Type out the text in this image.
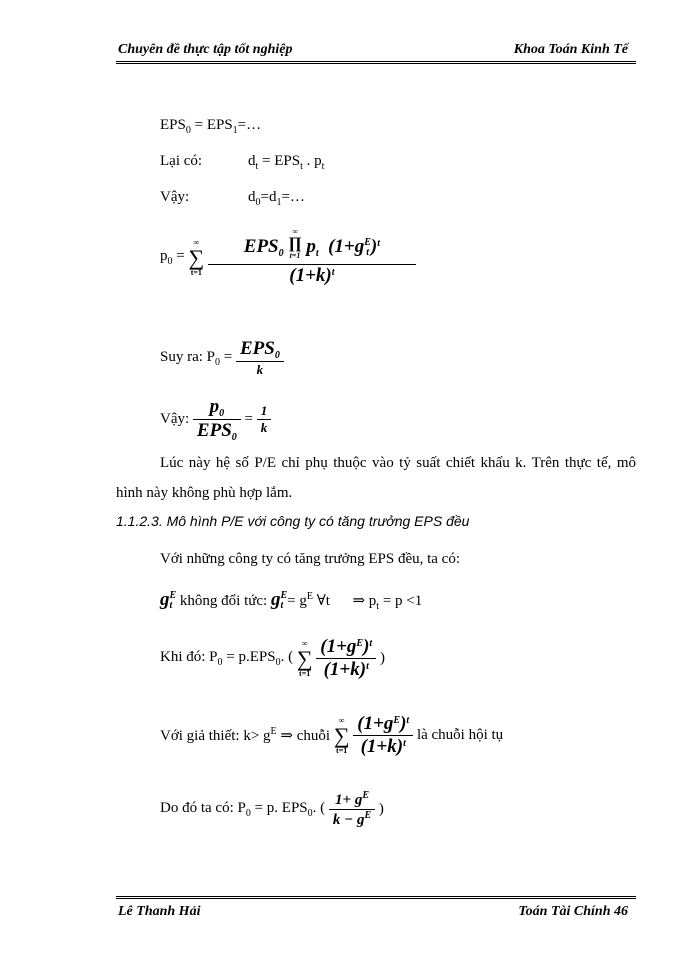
Chuyên đề thực tập tốt nghiệp	Khoa Toán Kinh Tế
$EPS_0$ = $EPS_1=\dots$
Lại có:	$d_t = EPS_t$ . $p_t$
Vậy:	$d_0=d_1=\dots$
$p_0$ =
∞
∑
t=1
$EPS_0$
∞
∏
t=1 $p_t$ (1+g E
t )$^t$
$(1+k)^t$
Suy ra: $P_0 = \frac{EPS_0}{k}$
Vậy: $\frac{p_0}{EPS_0} = \frac{1}{k}$
Lúc này hệ số P/E chỉ phụ thuộc vào tỷ suất chiết khấu k. Trên thực tế, mô hình này không phù hợp lắm.
1.1.2.3. Mô hình P/E với công ty có tăng trưởng EPS đều
Với những công ty có tăng trưởng EPS đều, ta có:
g E
t không đổi tức: g E
$t = g^E$ ∀t ⇒ $p_t = p <1$
Khi đó: $P_0 = p.EPS_0$. (
∞
∑
t=1
$\frac{(1+g^E)^t}{(1+k)^t}$ )
Với giả thiết: $k> g^E$ ⇒ chuỗi
∞
∑
t=1
$\frac{(1+g^E)^t}{(1+k)^t}$ là chuỗi hội tụ
Do đó ta có: $P_0 = p$. $EPS_0$. ( $\frac{1+ g^E}{k - g^E}$ )
Lê Thanh Hải	Toán Tài Chính 46
